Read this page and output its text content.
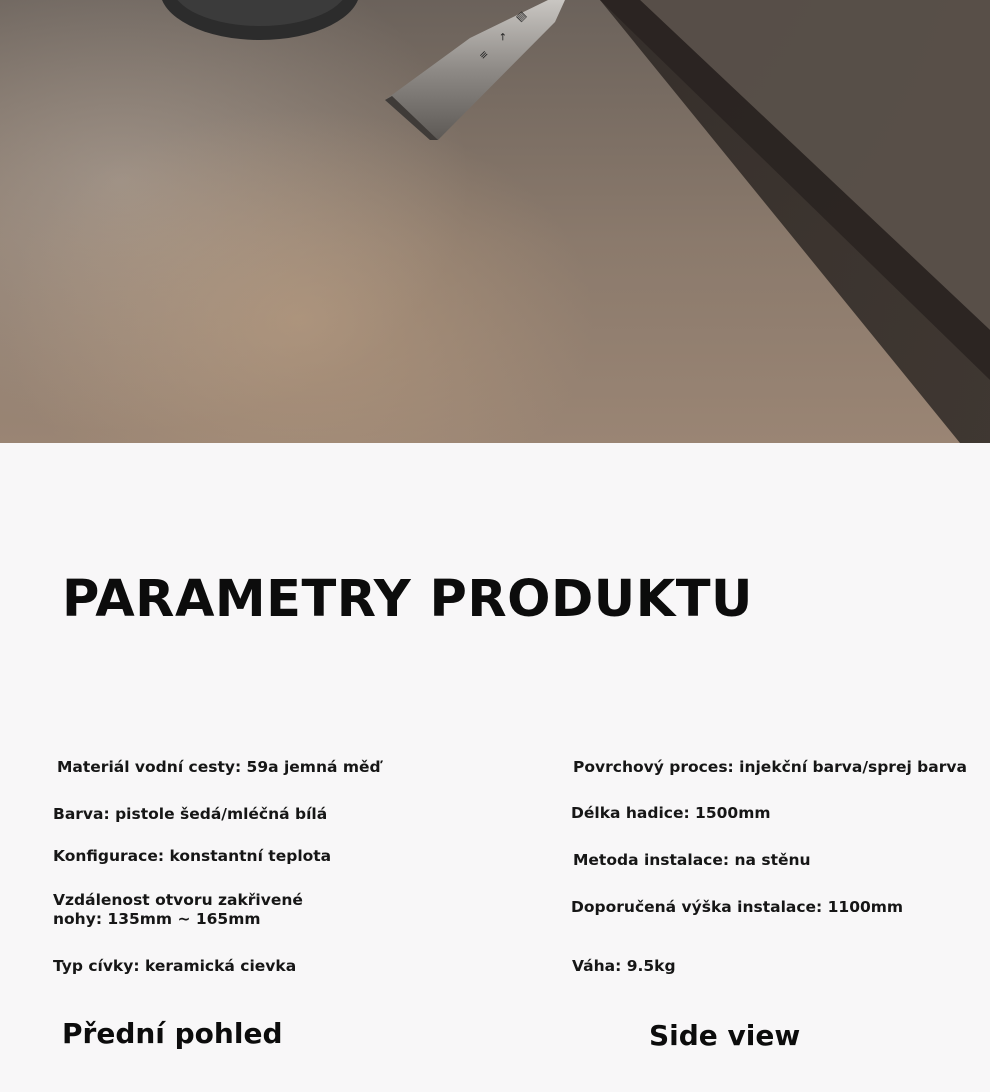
≡
↗
▤
PARAMETRY PRODUKTU
Materiál vodní cesty: 59a jemná měď
Barva: pistole šedá/mléčná bílá
Konfigurace: konstantní teplota
Vzdálenost otvoru zakřivené nohy: 135mm ~ 165mm
Typ cívky: keramická cievka
Povrchový proces: injekční barva/sprej barva
Délka hadice: 1500mm
Metoda instalace: na stěnu
Doporučená výška instalace: 1100mm
Váha: 9.5kg
Přední pohled	Side view
